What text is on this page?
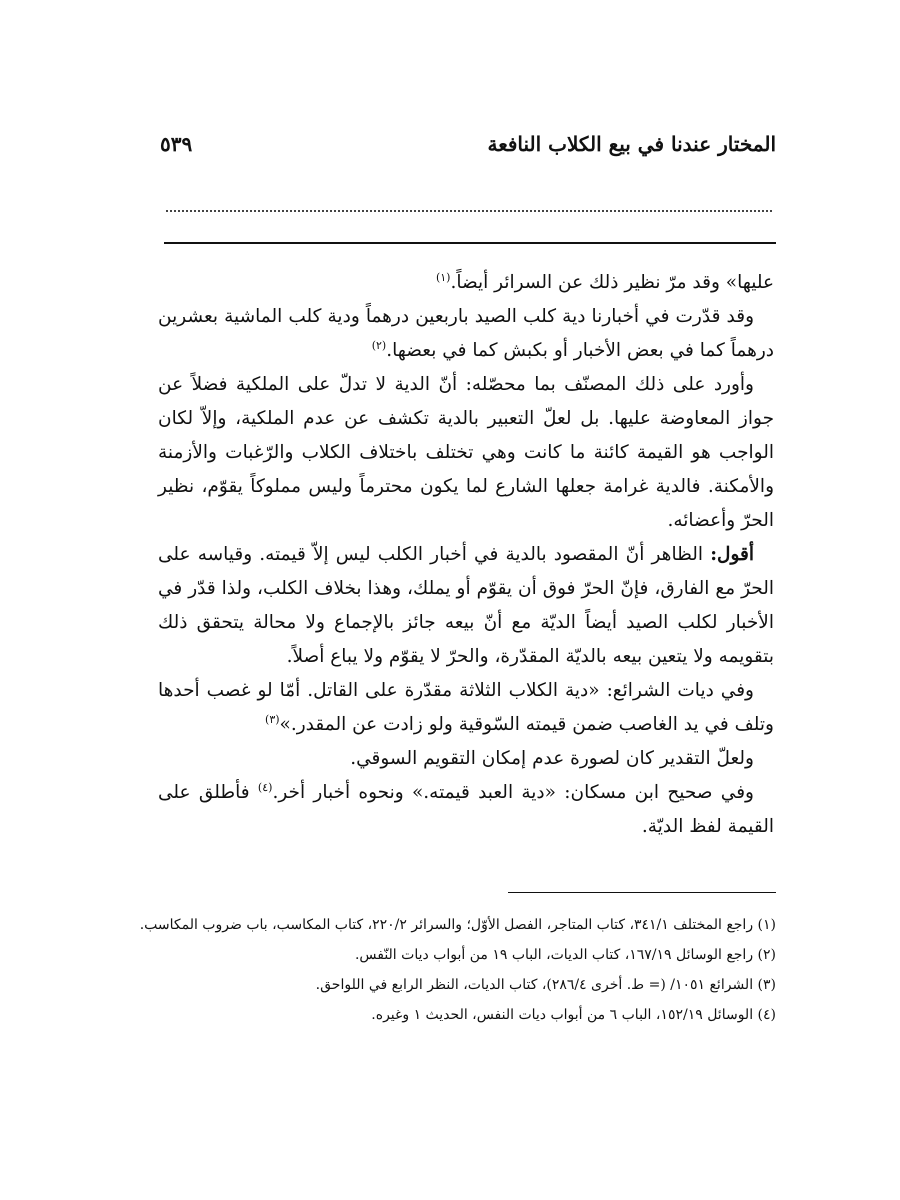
المختار عندنا في بيع الكلاب النافعة
٥٣٩

عليها» وقد مرّ نظير ذلك عن السرائر أيضاً.$^{(١)}$

وقد قدّرت في أخبارنا دية كلب الصيد باربعين درهماً ودية كلب الماشية بعشرين درهماً كما في بعض الأخبار أو بكبش كما في بعضها.$^{(٢)}$

وأورد على ذلك المصنّف بما محصّله: أنّ الدية لا تدلّ على الملكية فضلاً عن جواز المعاوضة عليها. بل لعلّ التعبير بالدية تكشف عن عدم الملكية، وإلاّ لكان الواجب هو القيمة كائنة ما كانت وهي تختلف باختلاف الكلاب والرّغبات والأزمنة والأمكنة. فالدية غرامة جعلها الشارع لما يكون محترماً وليس مملوكاً يقوّم، نظير الحرّ وأعضائه.

أقول: الظاهر أنّ المقصود بالدية في أخبار الكلب ليس إلاّ قيمته. وقياسه على الحرّ مع الفارق، فإنّ الحرّ فوق أن يقوّم أو يملك، وهذا بخلاف الكلب، ولذا قدّر في الأخبار لكلب الصيد أيضاً الديّة مع أنّ بيعه جائز بالإجماع ولا محالة يتحقق ذلك بتقويمه ولا يتعين بيعه بالديّة المقدّرة، والحرّ لا يقوّم ولا يباع أصلاً.

وفي ديات الشرائع: «دية الكلاب الثلاثة مقدّرة على القاتل. أمّا لو غصب أحدها وتلف في يد الغاصب ضمن قيمته السّوقية ولو زادت عن المقدر.»$^{(٣)}$

ولعلّ التقدير كان لصورة عدم إمكان التقويم السوقي.

وفي صحيح ابن مسكان: «دية العبد قيمته.» ونحوه أخبار أخر.$^{(٤)}$ فأطلق على القيمة لفظ الديّة.

(١) راجع المختلف ٣٤١/١، كتاب المتاجر، الفصل الأوّل؛ والسرائر ٢٢٠/٢، كتاب المكاسب، باب ضروب المكاسب.

(٢) راجع الوسائل ١٦٧/١٩، كتاب الديات، الباب ١٩ من أبواب ديات النّفس.

(٣) الشرائع ١٠٥١/ (= ط. أخرى ٢٨٦/٤)، كتاب الديات، النظر الرابع في اللواحق.

(٤) الوسائل ١٥٢/١٩، الباب ٦ من أبواب ديات النفس، الحديث ١ وغيره.
